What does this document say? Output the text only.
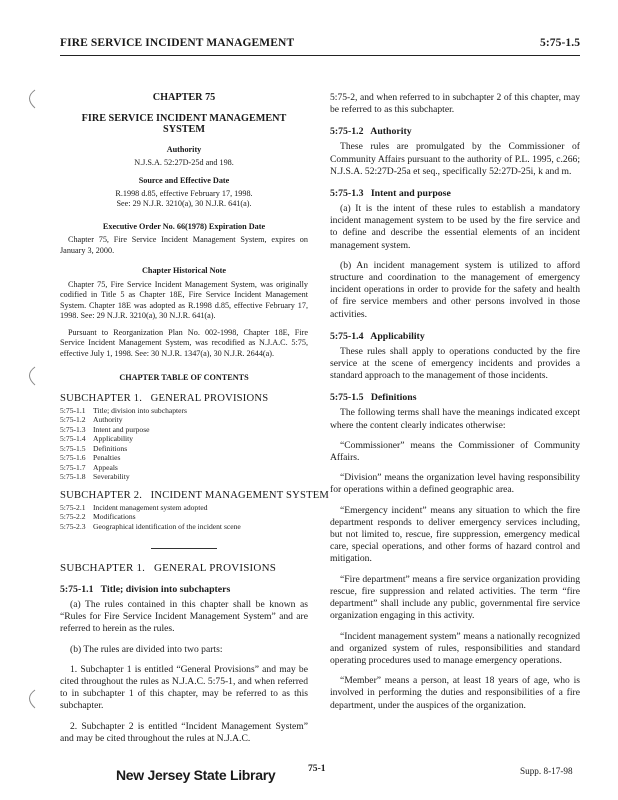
FIRE SERVICE INCIDENT MANAGEMENT	5:75-1.5
CHAPTER 75
FIRE SERVICE INCIDENT MANAGEMENT SYSTEM
Authority
N.J.S.A. 52:27D-25d and 198.
Source and Effective Date
R.1998 d.85, effective February 17, 1998.
See: 29 N.J.R. 3210(a), 30 N.J.R. 641(a).
Executive Order No. 66(1978) Expiration Date
Chapter 75, Fire Service Incident Management System, expires on January 3, 2000.
Chapter Historical Note
Chapter 75, Fire Service Incident Management System, was originally codified in Title 5 as Chapter 18E, Fire Service Incident Management System. Chapter 18E was adopted as R.1998 d.85, effective February 17, 1998. See: 29 N.J.R. 3210(a), 30 N.J.R. 641(a).
Pursuant to Reorganization Plan No. 002-1998, Chapter 18E, Fire Service Incident Management System, was recodified as N.J.A.C. 5:75, effective July 1, 1998. See: 30 N.J.R. 1347(a), 30 N.J.R. 2644(a).
CHAPTER TABLE OF CONTENTS
SUBCHAPTER 1.   GENERAL PROVISIONS
5:75-1.1 Title; division into subchapters
5:75-1.2 Authority
5:75-1.3 Intent and purpose
5:75-1.4 Applicability
5:75-1.5 Definitions
5:75-1.6 Penalties
5:75-1.7 Appeals
5:75-1.8 Severability
SUBCHAPTER 2.   INCIDENT MANAGEMENT SYSTEM
5:75-2.1 Incident management system adopted
5:75-2.2 Modifications
5:75-2.3 Geographical identification of the incident scene
SUBCHAPTER 1.   GENERAL PROVISIONS
5:75-1.1   Title; division into subchapters
(a) The rules contained in this chapter shall be known as “Rules for Fire Service Incident Management System” and are referred to herein as the rules.
(b) The rules are divided into two parts:
1. Subchapter 1 is entitled “General Provisions” and may be cited throughout the rules as N.J.A.C. 5:75-1, and when referred to in subchapter 1 of this chapter, may be referred to as this subchapter.
2. Subchapter 2 is entitled “Incident Management System” and may be cited throughout the rules at N.J.A.C.
5:75-2, and when referred to in subchapter 2 of this chapter, may be referred to as this subchapter.
5:75-1.2   Authority
These rules are promulgated by the Commissioner of Community Affairs pursuant to the authority of P.L. 1995, c.266; N.J.S.A. 52:27D-25a et seq., specifically 52:27D-25i, k and m.
5:75-1.3   Intent and purpose
(a) It is the intent of these rules to establish a mandatory incident management system to be used by the fire service and to define and describe the essential elements of an incident management system.
(b) An incident management system is utilized to afford structure and coordination to the management of emergency incident operations in order to provide for the safety and health of fire service members and other persons involved in those activities.
5:75-1.4   Applicability
These rules shall apply to operations conducted by the fire service at the scene of emergency incidents and provides a standard approach to the management of those incidents.
5:75-1.5   Definitions
The following terms shall have the meanings indicated except where the content clearly indicates otherwise:
“Commissioner” means the Commissioner of Community Affairs.
“Division” means the organization level having responsibility for operations within a defined geographic area.
“Emergency incident” means any situation to which the fire department responds to deliver emergency services including, but not limited to, rescue, fire suppression, emergency medical care, special operations, and other forms of hazard control and mitigation.
“Fire department” means a fire service organization providing rescue, fire suppression and related activities. The term “fire department” shall include any public, governmental fire service organization engaging in this activity.
“Incident management system” means a nationally recognized and organized system of rules, responsibilities and standard operating procedures used to manage emergency operations.
“Member” means a person, at least 18 years of age, who is involved in performing the duties and responsibilities of a fire department, under the auspices of the organization.
New Jersey State Library	75-1	Supp. 8-17-98
